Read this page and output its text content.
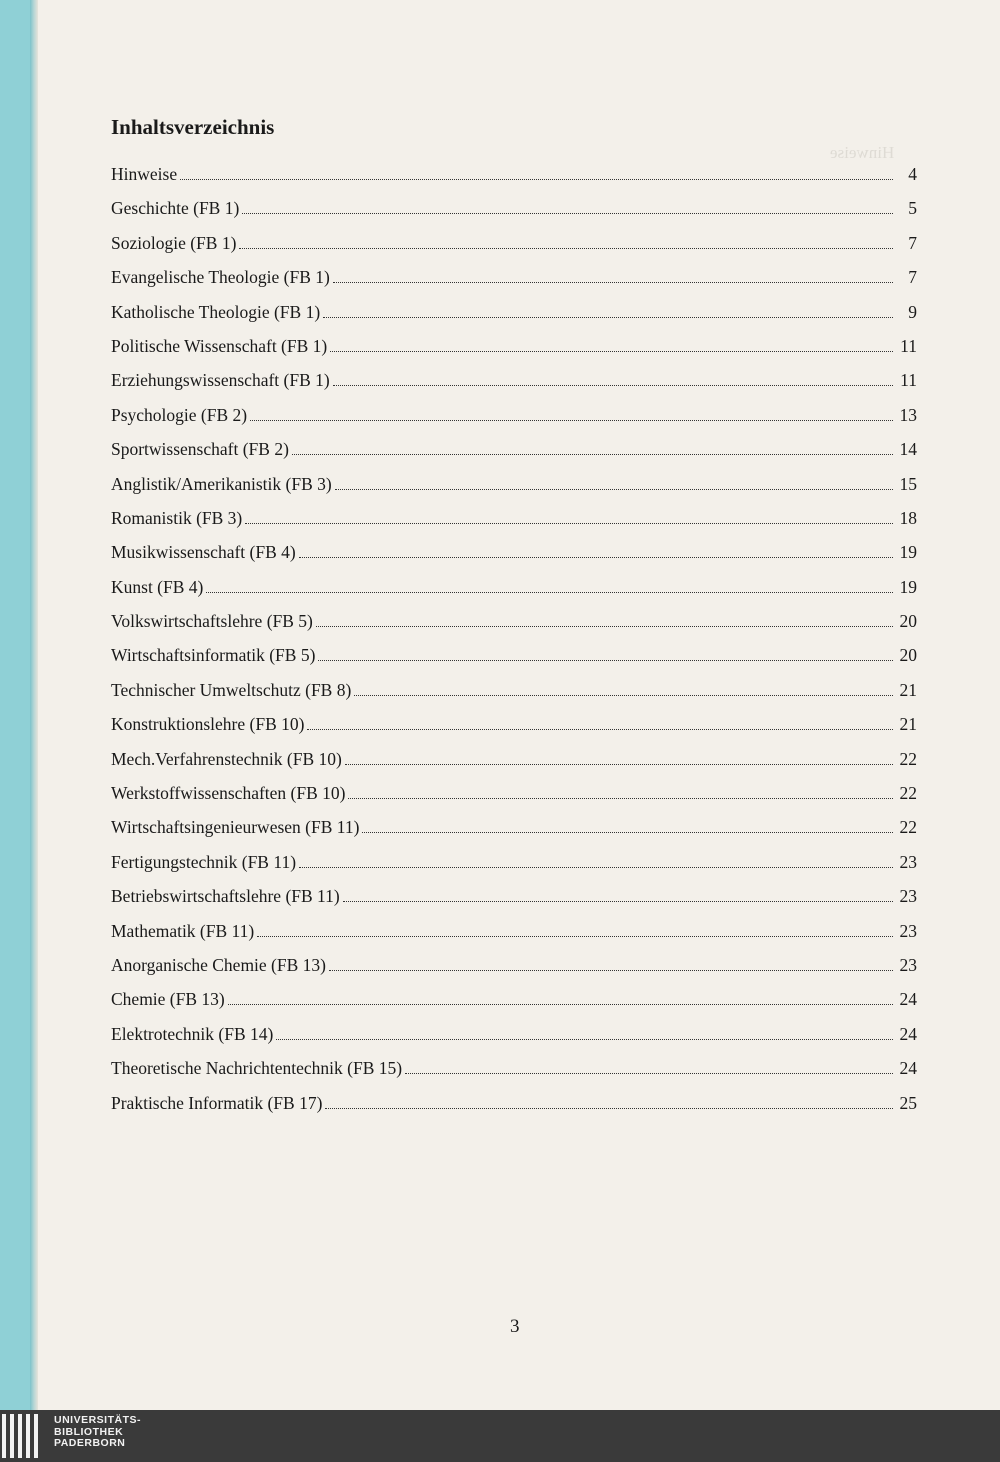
Hinweise
Inhaltsverzeichnis
Hinweise	4
Geschichte (FB 1)	5
Soziologie (FB 1)	7
Evangelische Theologie (FB 1)	7
Katholische Theologie (FB 1)	9
Politische Wissenschaft (FB 1)	11
Erziehungswissenschaft (FB 1)	11
Psychologie (FB 2)	13
Sportwissenschaft (FB 2)	14
Anglistik/Amerikanistik (FB 3)	15
Romanistik (FB 3)	18
Musikwissenschaft (FB 4)	19
Kunst (FB 4)	19
Volkswirtschaftslehre (FB 5)	20
Wirtschaftsinformatik (FB 5)	20
Technischer Umweltschutz (FB 8)	21
Konstruktionslehre (FB 10)	21
Mech.Verfahrenstechnik (FB 10)	22
Werkstoffwissenschaften (FB 10)	22
Wirtschaftsingenieurwesen (FB 11)	22
Fertigungstechnik (FB 11)	23
Betriebswirtschaftslehre (FB 11)	23
Mathematik (FB 11)	23
Anorganische Chemie (FB 13)	23
Chemie (FB 13)	24
Elektrotechnik (FB 14)	24
Theoretische Nachrichtentechnik (FB 15)	24
Praktische Informatik (FB 17)	25
3
UNIVERSITÄTS-
BIBLIOTHEK
PADERBORN
